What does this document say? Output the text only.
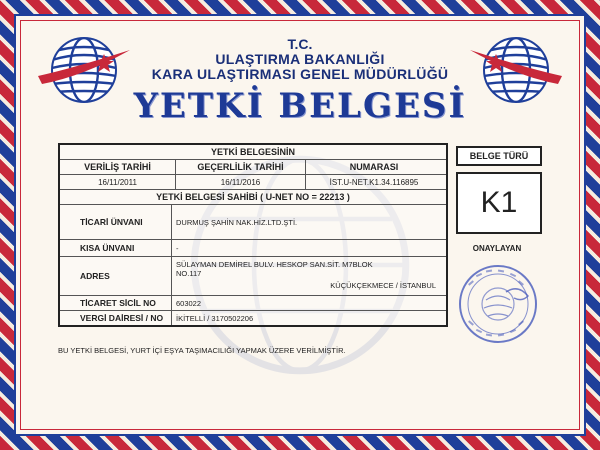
T.C.
ULAŞTIRMA BAKANLIĞI
KARA ULAŞTIRMASI GENEL MÜDÜRLÜĞÜ
YETKİ BELGESİ
YETKİ BELGESİNİN
VERİLİŞ TARİHİ	GEÇERLİLİK TARİHİ	NUMARASI
16/11/2011	16/11/2016	İST.U-NET.K1.34.116895
YETKİ BELGESİ SAHİBİ ( U-NET NO = 22213 )
TİCARİ ÜNVANI	DURMUŞ ŞAHİN NAK.HİZ.LTD.ŞTİ.
KISA ÜNVANI	-
ADRES
SÜLAYMAN DEMİREL BULV. HESKOP SAN.SİT. M7BLOK
NO.117
KÜÇÜKÇEKMECE / İSTANBUL
TİCARET SİCİL NO	603022
VERGİ DAİRESİ / NO	İKİTELLİ / 3170502206
BU YETKİ BELGESİ, YURT İÇİ EŞYA TAŞIMACILIĞI YAPMAK ÜZERE VERİLMİŞTİR.
BELGE TÜRÜ
K1
ONAYLAYAN
